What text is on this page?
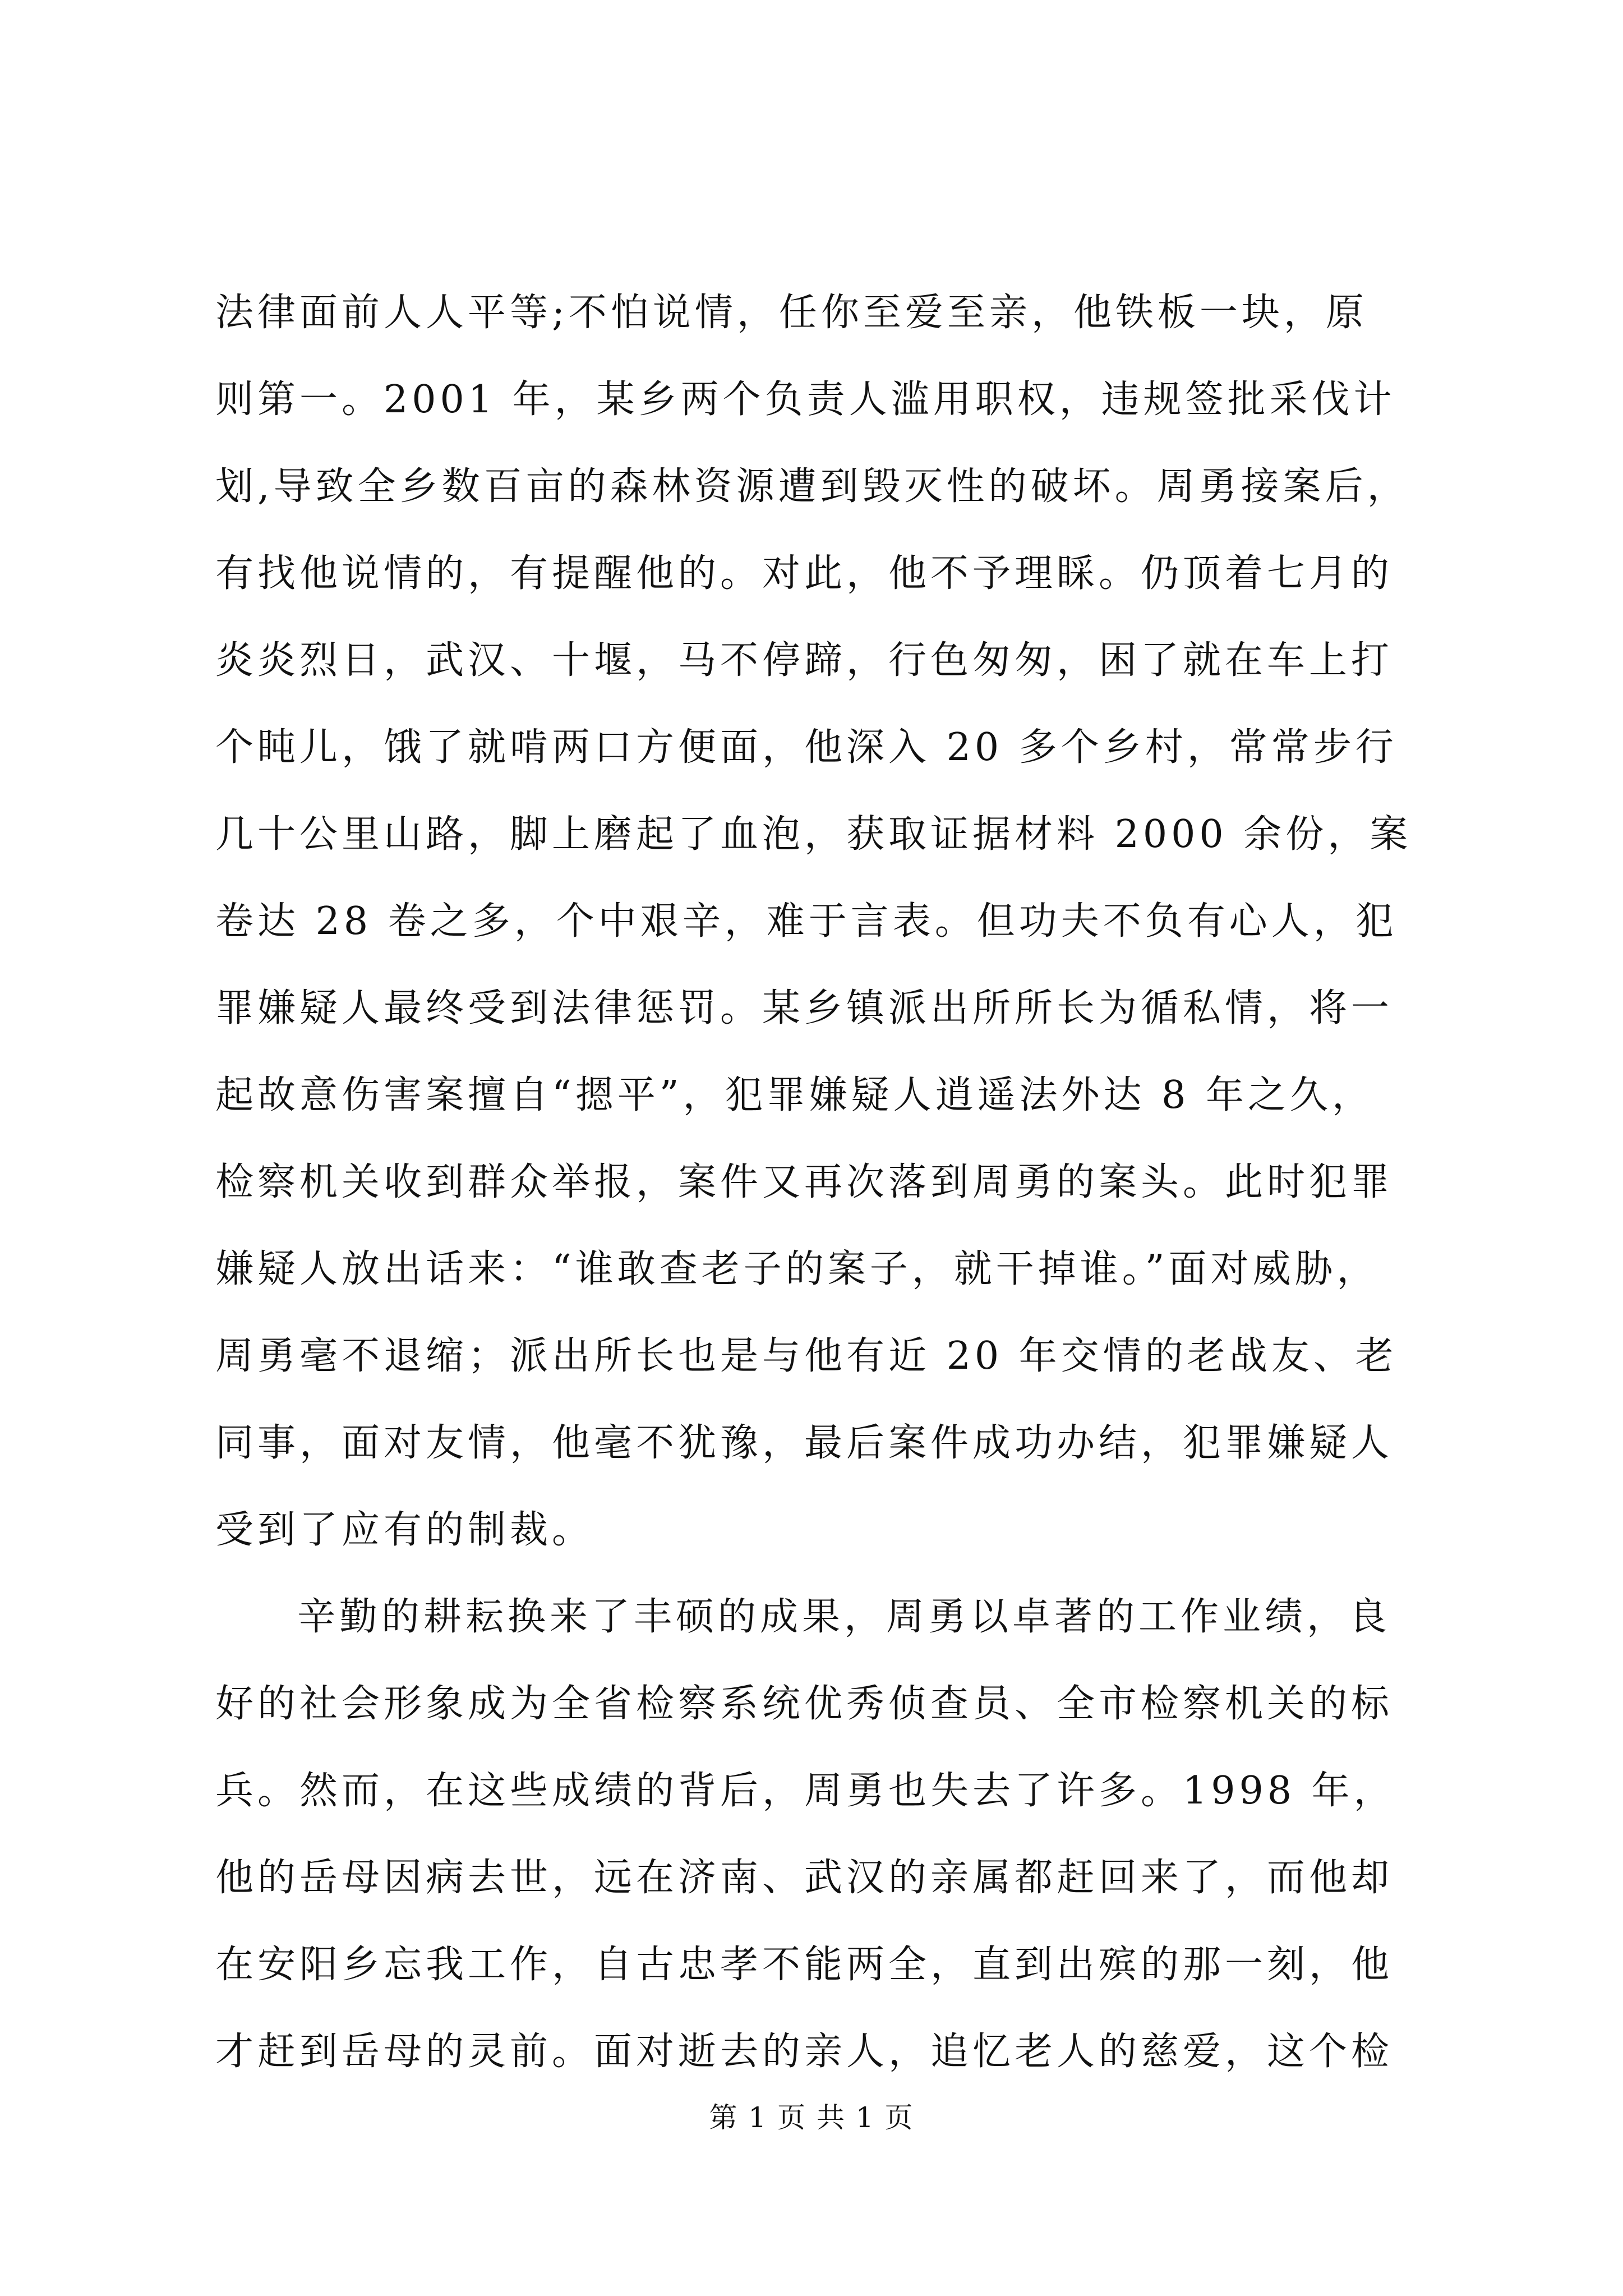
法律面前人人平等;不怕说情，任你至爱至亲，他铁板一块，原
则第一。2001 年，某乡两个负责人滥用职权，违规签批采伐计
划,导致全乡数百亩的森林资源遭到毁灭性的破坏。周勇接案后，
有找他说情的，有提醒他的。对此，他不予理睬。仍顶着七月的
炎炎烈日，武汉、十堰，马不停蹄，行色匆匆，困了就在车上打
个盹儿，饿了就啃两口方便面，他深入 20 多个乡村，常常步行
几十公里山路，脚上磨起了血泡，获取证据材料 2000 余份，案
卷达 28 卷之多，个中艰辛，难于言表。但功夫不负有心人，犯
罪嫌疑人最终受到法律惩罚。某乡镇派出所所长为循私情，将一
起故意伤害案擅自“摁平”，犯罪嫌疑人逍遥法外达 8 年之久，
检察机关收到群众举报，案件又再次落到周勇的案头。此时犯罪
嫌疑人放出话来：“谁敢查老子的案子，就干掉谁。”面对威胁，
周勇毫不退缩；派出所长也是与他有近 20 年交情的老战友、老
同事，面对友情，他毫不犹豫，最后案件成功办结，犯罪嫌疑人
受到了应有的制裁。
辛勤的耕耘换来了丰硕的成果，周勇以卓著的工作业绩，良
好的社会形象成为全省检察系统优秀侦查员、全市检察机关的标
兵。然而，在这些成绩的背后，周勇也失去了许多。1998 年，
他的岳母因病去世，远在济南、武汉的亲属都赶回来了，而他却
在安阳乡忘我工作，自古忠孝不能两全，直到出殡的那一刻，他
才赶到岳母的灵前。面对逝去的亲人，追忆老人的慈爱，这个检
第 1 页 共 1 页
